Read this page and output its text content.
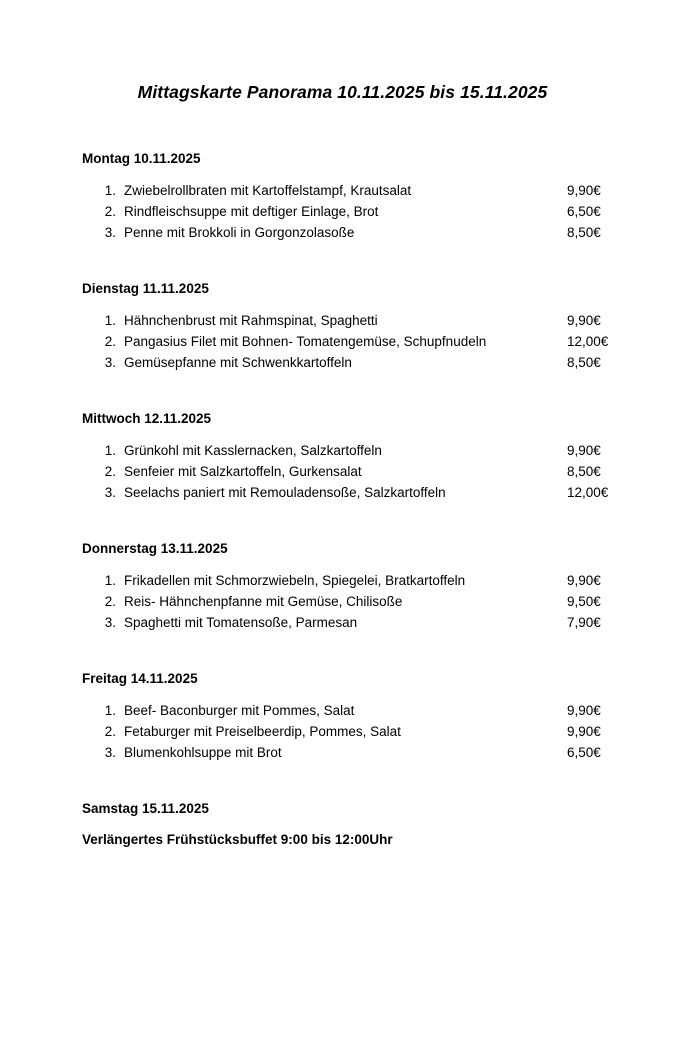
Mittagskarte Panorama 10.11.2025 bis 15.11.2025
Montag 10.11.2025
1. Zwiebelrollbraten mit Kartoffelstampf, Krautsalat	9,90€
2. Rindfleischsuppe mit deftiger Einlage, Brot	6,50€
3. Penne mit Brokkoli in Gorgonzolasoße	8,50€
Dienstag 11.11.2025
1. Hähnchenbrust mit Rahmspinat, Spaghetti	9,90€
2. Pangasius Filet mit Bohnen- Tomatengemüse, Schupfnudeln	12,00€
3. Gemüsepfanne mit Schwenkkartoffeln	8,50€
Mittwoch 12.11.2025
1. Grünkohl mit Kasslernacken, Salzkartoffeln	9,90€
2. Senfeier mit Salzkartoffeln, Gurkensalat	8,50€
3. Seelachs paniert mit Remouladensoße, Salzkartoffeln	12,00€
Donnerstag 13.11.2025
1. Frikadellen mit Schmorzwiebeln, Spiegelei, Bratkartoffeln	9,90€
2. Reis- Hähnchenpfanne mit Gemüse, Chilisoße	9,50€
3. Spaghetti mit Tomatensoße, Parmesan	7,90€
Freitag 14.11.2025
1. Beef- Baconburger mit Pommes, Salat	9,90€
2. Fetaburger mit Preiselbeerdip, Pommes, Salat	9,90€
3. Blumenkohlsuppe mit Brot	6,50€
Samstag 15.11.2025
Verlängertes Frühstücksbuffet 9:00 bis 12:00Uhr
